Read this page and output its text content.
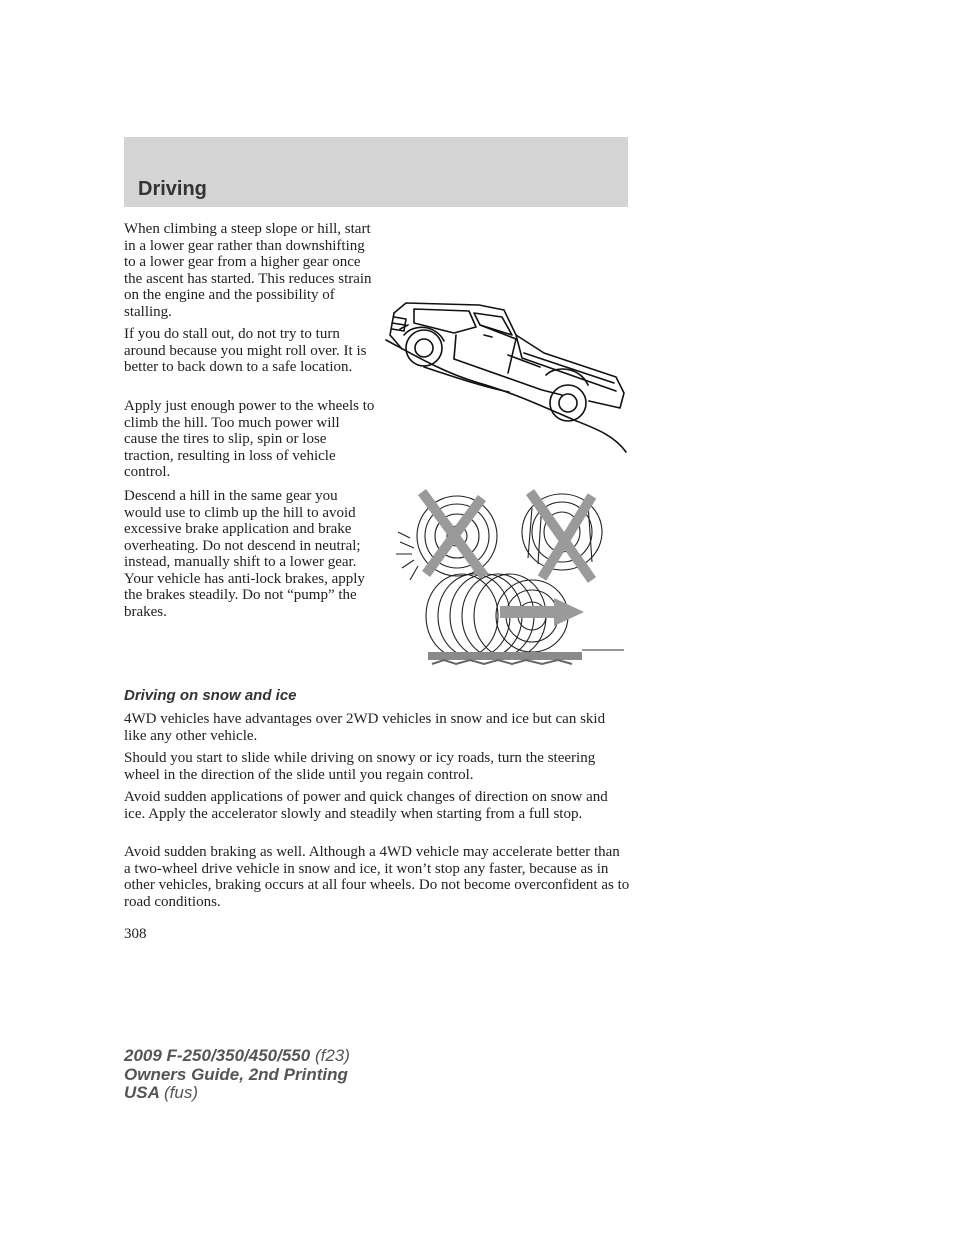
Driving

When climbing a steep slope or hill, start in a lower gear rather than downshifting to a lower gear from a higher gear once the ascent has started. This reduces strain on the engine and the possibility of stalling.

If you do stall out, do not try to turn around because you might roll over. It is better to back down to a safe location.

Apply just enough power to the wheels to climb the hill. Too much power will cause the tires to slip, spin or lose traction, resulting in loss of vehicle control.

Descend a hill in the same gear you would use to climb up the hill to avoid excessive brake application and brake overheating. Do not descend in neutral; instead, manually shift to a lower gear. Your vehicle has anti-lock brakes, apply the brakes steadily. Do not “pump” the brakes.

Driving on snow and ice

4WD vehicles have advantages over 2WD vehicles in snow and ice but can skid like any other vehicle.

Should you start to slide while driving on snowy or icy roads, turn the steering wheel in the direction of the slide until you regain control.

Avoid sudden applications of power and quick changes of direction on snow and ice. Apply the accelerator slowly and steadily when starting from a full stop.

Avoid sudden braking as well. Although a 4WD vehicle may accelerate better than a two-wheel drive vehicle in snow and ice, it won’t stop any faster, because as in other vehicles, braking occurs at all four wheels. Do not become overconfident as to road conditions.

308
2009 F-250/350/450/550 (f23)
Owners Guide, 2nd Printing
USA (fus)
